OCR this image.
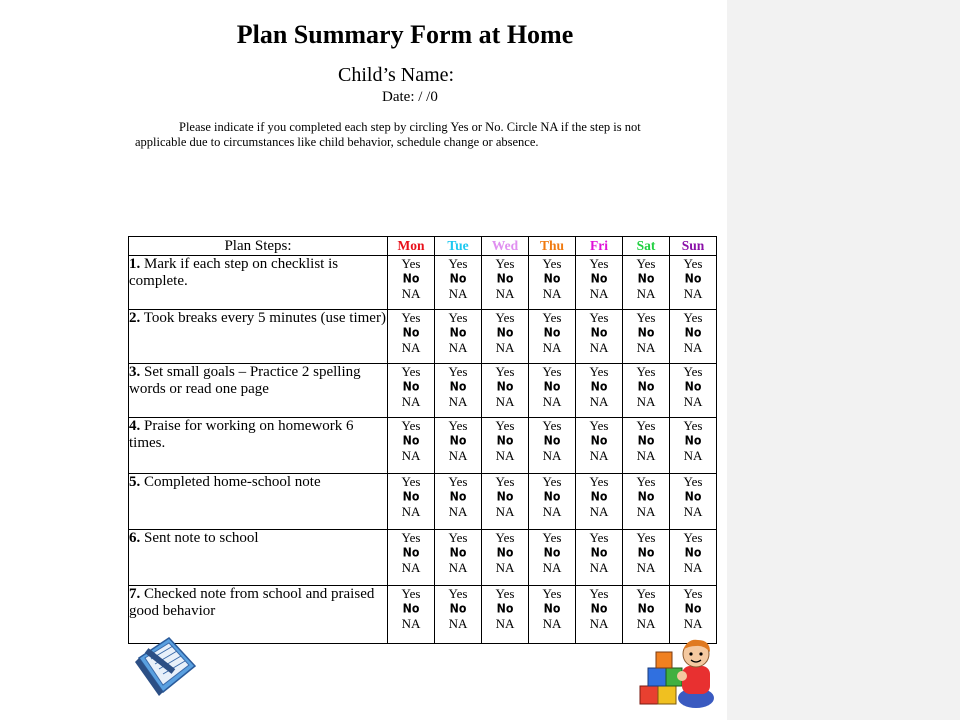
Plan Summary Form at Home
Child’s Name:
Date: / /0
Please indicate if you completed each step by circling Yes or No. Circle NA if the step is not applicable due to circumstances like child behavior, schedule change or absence.
Plan Steps:	Mon	Tue	Wed	Thu	Fri	Sat	Sun
1. Mark if each step on checklist is complete.	Yes
No
NA	Yes
No
NA	Yes
No
NA	Yes
No
NA	Yes
No
NA	Yes
No
NA	Yes
No
NA

2. Took breaks every 5 minutes (use timer)	Yes
No
NA	Yes
No
NA	Yes
No
NA	Yes
No
NA	Yes
No
NA	Yes
No
NA	Yes
No
NA

3. Set small goals – Practice 2 spelling words or read one page	Yes
No
NA	Yes
No
NA	Yes
No
NA	Yes
No
NA	Yes
No
NA	Yes
No
NA	Yes
No
NA

4. Praise for working on homework 6 times.	Yes
No
NA	Yes
No
NA	Yes
No
NA	Yes
No
NA	Yes
No
NA	Yes
No
NA	Yes
No
NA

5. Completed home-school note	Yes
No
NA	Yes
No
NA	Yes
No
NA	Yes
No
NA	Yes
No
NA	Yes
No
NA	Yes
No
NA

6. Sent note to school	Yes
No
NA	Yes
No
NA	Yes
No
NA	Yes
No
NA	Yes
No
NA	Yes
No
NA	Yes
No
NA

7. Checked note from school and praised good behavior	Yes
No
NA	Yes
No
NA	Yes
No
NA	Yes
No
NA	Yes
No
NA	Yes
No
NA	Yes
No
NA
